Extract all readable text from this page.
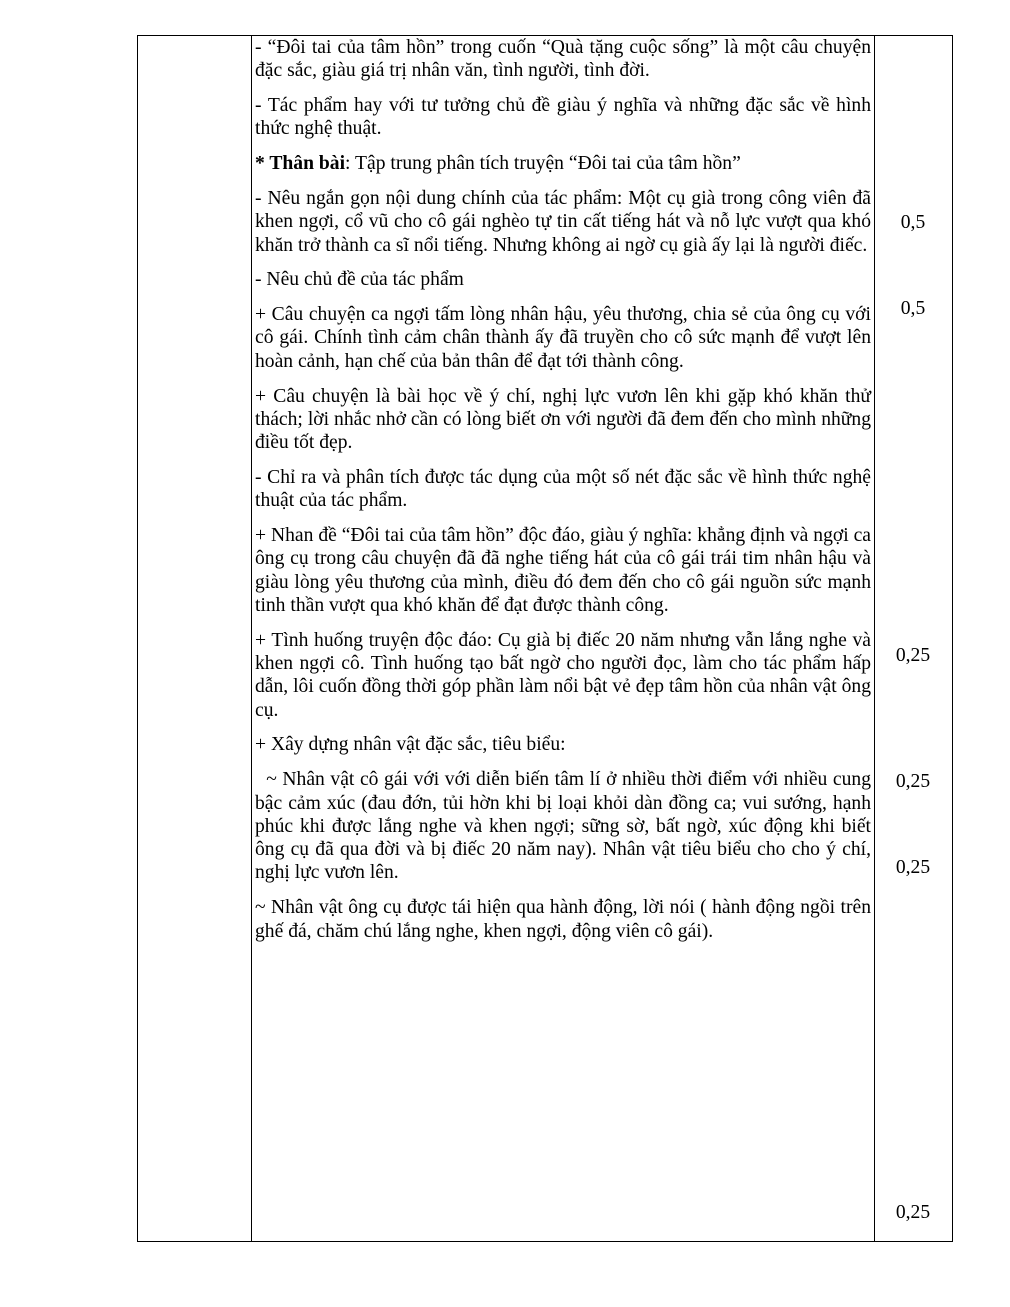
- “Đôi tai của tâm hồn” trong cuốn “Quà tặng cuộc sống” là một câu chuyện đặc sắc, giàu giá trị nhân văn, tình người, tình đời.

- Tác phẩm hay với tư tưởng chủ đề giàu ý nghĩa và những đặc sắc về hình thức nghệ thuật.

* Thân bài: Tập trung phân tích truyện “Đôi tai của tâm hồn”

- Nêu ngắn gọn nội dung chính của tác phẩm: Một cụ già trong công viên đã khen ngợi, cổ vũ cho cô gái nghèo tự tin cất tiếng hát và nỗ lực vượt qua khó khăn trở thành ca sĩ nổi tiếng. Nhưng không ai ngờ cụ già ấy lại là người điếc.

- Nêu chủ đề của tác phẩm

+ Câu chuyện ca ngợi tấm lòng nhân hậu, yêu thương, chia sẻ của ông cụ với cô gái. Chính tình cảm chân thành ấy đã truyền cho cô sức mạnh để vượt lên hoàn cảnh, hạn chế của bản thân để đạt tới thành công.

+ Câu chuyện là bài học về ý chí, nghị lực vươn lên khi gặp khó khăn thử thách; lời nhắc nhở cần có lòng biết ơn với người đã đem đến cho mình những điều tốt đẹp.

- Chỉ ra và phân tích được tác dụng của một số nét đặc sắc về hình thức nghệ thuật của tác phẩm.

+ Nhan đề “Đôi tai của tâm hồn” độc đáo, giàu ý nghĩa: khẳng định và ngợi ca ông cụ trong câu chuyện đã đã nghe tiếng hát của cô gái trái tim nhân hậu và giàu lòng yêu thương của mình, điều đó đem đến cho cô gái nguồn sức mạnh tinh thần vượt qua khó khăn để đạt được thành công.

+ Tình huống truyện độc đáo: Cụ già bị điếc 20 năm nhưng vẫn lắng nghe và khen ngợi cô. Tình huống tạo bất ngờ cho người đọc, làm cho tác phẩm hấp dẫn, lôi cuốn đồng thời góp phần làm nổi bật vẻ đẹp tâm hồn của nhân vật ông cụ.

+ Xây dựng nhân vật đặc sắc, tiêu biểu:

~ Nhân vật cô gái với với diễn biến tâm lí ở nhiều thời điểm với nhiều cung bậc cảm xúc (đau đớn, tủi hờn khi bị loại khỏi dàn đồng ca; vui sướng, hạnh phúc khi được lắng nghe và khen ngợi; sững sờ, bất ngờ, xúc động khi biết ông cụ đã qua đời và bị điếc 20 năm nay). Nhân vật tiêu biểu cho cho ý chí, nghị lực vươn lên.

~ Nhân vật ông cụ được tái hiện qua hành động, lời nói ( hành động ngồi trên ghế đá, chăm chú lắng nghe, khen ngợi, động viên cô gái).

0,5
0,5
0,25
0,25
0,25
0,25
